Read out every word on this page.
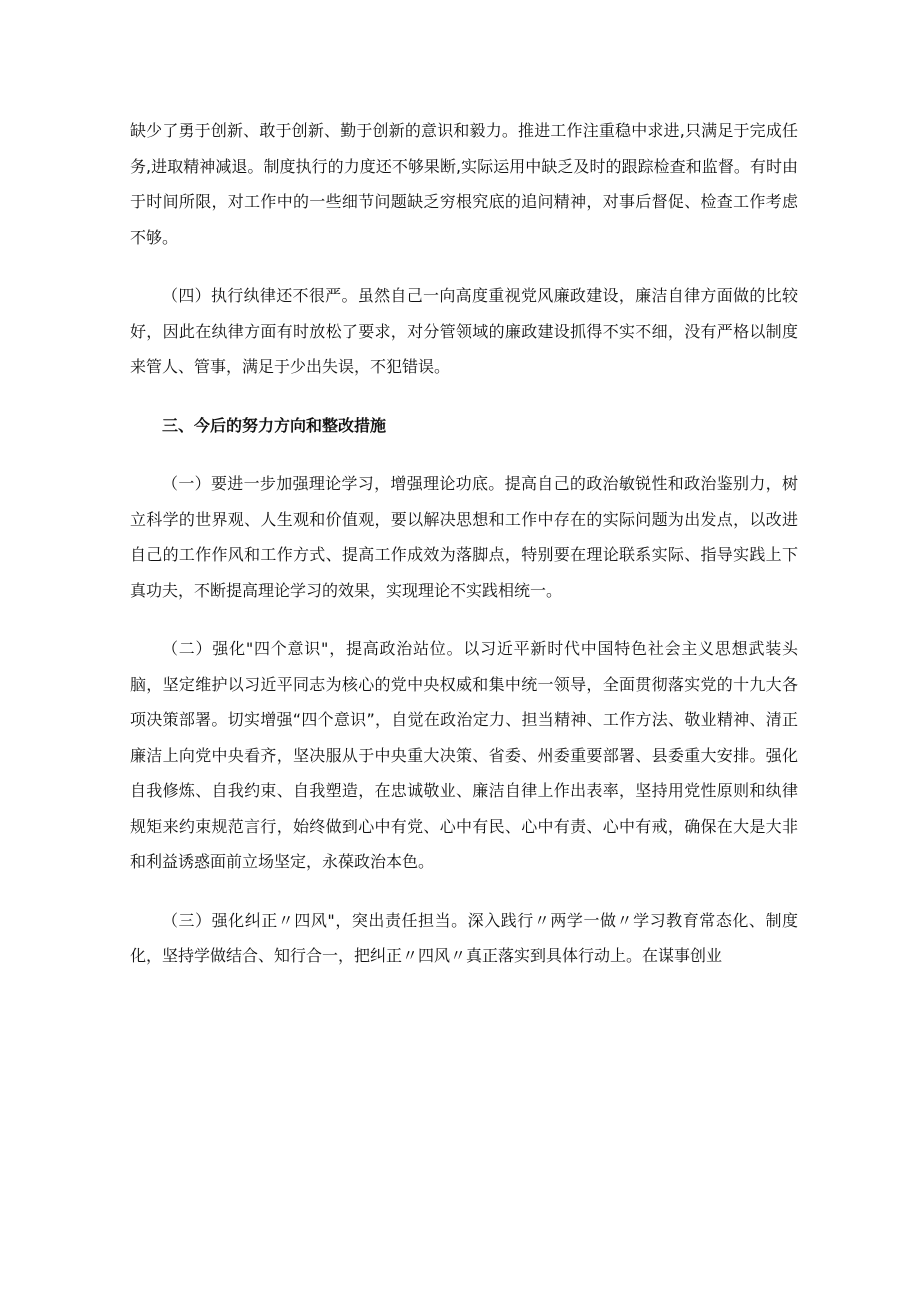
缺少了勇于创新、敢于创新、勤于创新的意识和毅力。推进工作注重稳中求进,只满足于完成任务,进取精神减退。制度执行的力度还不够果断,实际运用中缺乏及时的跟踪检查和监督。有时由于时间所限，对工作中的一些细节问题缺乏穷根究底的追问精神，对事后督促、检查工作考虑不够。

（四）执行纨律还不很严。虽然自己一向高度重视党风廉政建设，廉洁自律方面做的比较好，因此在纨律方面有时放松了要求，对分管领域的廉政建设抓得不实不细，没有严格以制度来管人、管事，满足于少出失误，不犯错误。

三、今后的努力方向和整改措施

（一）要进一步加强理论学习，增强理论功底。提高自己的政治敏锐性和政治鉴别力，树立科学的世界观、人生观和价值观，要以解决思想和工作中存在的实际问题为出发点，以改进自己的工作作风和工作方式、提高工作成效为落脚点，特别要在理论联系实际、指导实践上下真功夫，不断提高理论学习的效果，实现理论不实践相统一。

（二）强化"四个意识"，提高政治站位。以习近平新时代中国特色社会主义思想武装头脑，坚定维护以习近平同志为核心的党中央权威和集中统一领导，全面贯彻落实党的十九大各项决策部署。切实增强“四个意识”，自觉在政治定力、担当精神、工作方法、敬业精神、清正廉洁上向党中央看齐，坚决服从于中央重大决策、省委、州委重要部署、县委重大安排。强化自我修炼、自我约束、自我塑造，在忠诚敬业、廉洁自律上作出表率，坚持用党性原则和纨律规矩来约束规范言行，始终做到心中有党、心中有民、心中有责、心中有戒，确保在大是大非和利益诱惑面前立场坚定，永葆政治本色。

（三）强化纠正〃四风"，突出责任担当。深入践行〃两学一做〃学习教育常态化、制度化，坚持学做结合、知行合一，把纠正〃四风〃真正落实到具体行动上。在谋事创业
